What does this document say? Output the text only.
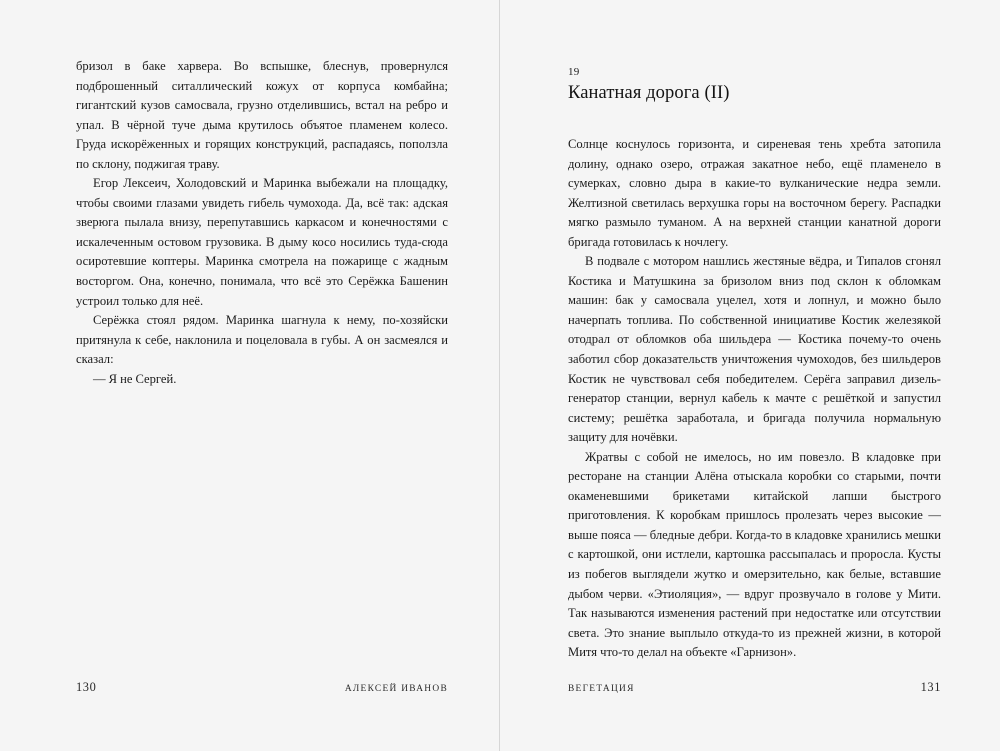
бризол в баке харвера. Во вспышке, блеснув, провернулся подброшенный ситаллический кожух от корпуса комбайна; гигантский кузов самосвала, грузно отделившись, встал на ребро и упал. В чёрной туче дыма крутилось объятое пламенем колесо. Груда искорёженных и горящих конструкций, распадаясь, поползла по склону, поджигая траву.

Егор Лексеич, Холодовский и Маринка выбежали на площадку, чтобы своими глазами увидеть гибель чумохода. Да, всё так: адская зверюга пылала внизу, перепутавшись каркасом и конечностями с искалеченным остовом грузовика. В дыму косо носились туда-сюда осиротевшие коптеры. Маринка смотрела на пожарище с жадным восторгом. Она, конечно, понимала, что всё это Серёжка Башенин устроил только для неё.

Серёжка стоял рядом. Маринка шагнула к нему, по-хозяйски притянула к себе, наклонила и поцеловала в губы. А он засмеялся и сказал:

— Я не Сергей.

130	АЛЕКСЕЙ ИВАНОВ
19
Канатная дорога (II)

Солнце коснулось горизонта, и сиреневая тень хребта затопила долину, однако озеро, отражая закатное небо, ещё пламенело в сумерках, словно дыра в какие-то вулканические недра земли. Желтизной светилась верхушка горы на восточном берегу. Распадки мягко размыло туманом. А на верхней станции канатной дороги бригада готовилась к ночлегу.

В подвале с мотором нашлись жестяные вёдра, и Типалов сгонял Костика и Матушкина за бризолом вниз под склон к обломкам машин: бак у самосвала уцелел, хотя и лопнул, и можно было начерпать топлива. По собственной инициативе Костик железякой отодрал от обломков оба шильдера — Костика почему-то очень заботил сбор доказательств уничтожения чумоходов, без шильдеров Костик не чувствовал себя победителем. Серёга заправил дизель-генератор станции, вернул кабель к мачте с решёткой и запустил систему; решётка заработала, и бригада получила нормальную защиту для ночёвки.

Жратвы с собой не имелось, но им повезло. В кладовке при ресторане на станции Алёна отыскала коробки со старыми, почти окаменевшими брикетами китайской лапши быстрого приготовления. К коробкам пришлось пролезать через высокие — выше пояса — бледные дебри. Когда-то в кладовке хранились мешки с картошкой, они истлели, картошка рассыпалась и проросла. Кусты из побегов выглядели жутко и омерзительно, как белые, вставшие дыбом черви. «Этиоляция», — вдруг прозвучало в голове у Мити. Так называются изменения растений при недостатке или отсутствии света. Это знание выплыло откуда-то из прежней жизни, в которой Митя что-то делал на объекте «Гарнизон».

ВЕГЕТАЦИЯ	131
